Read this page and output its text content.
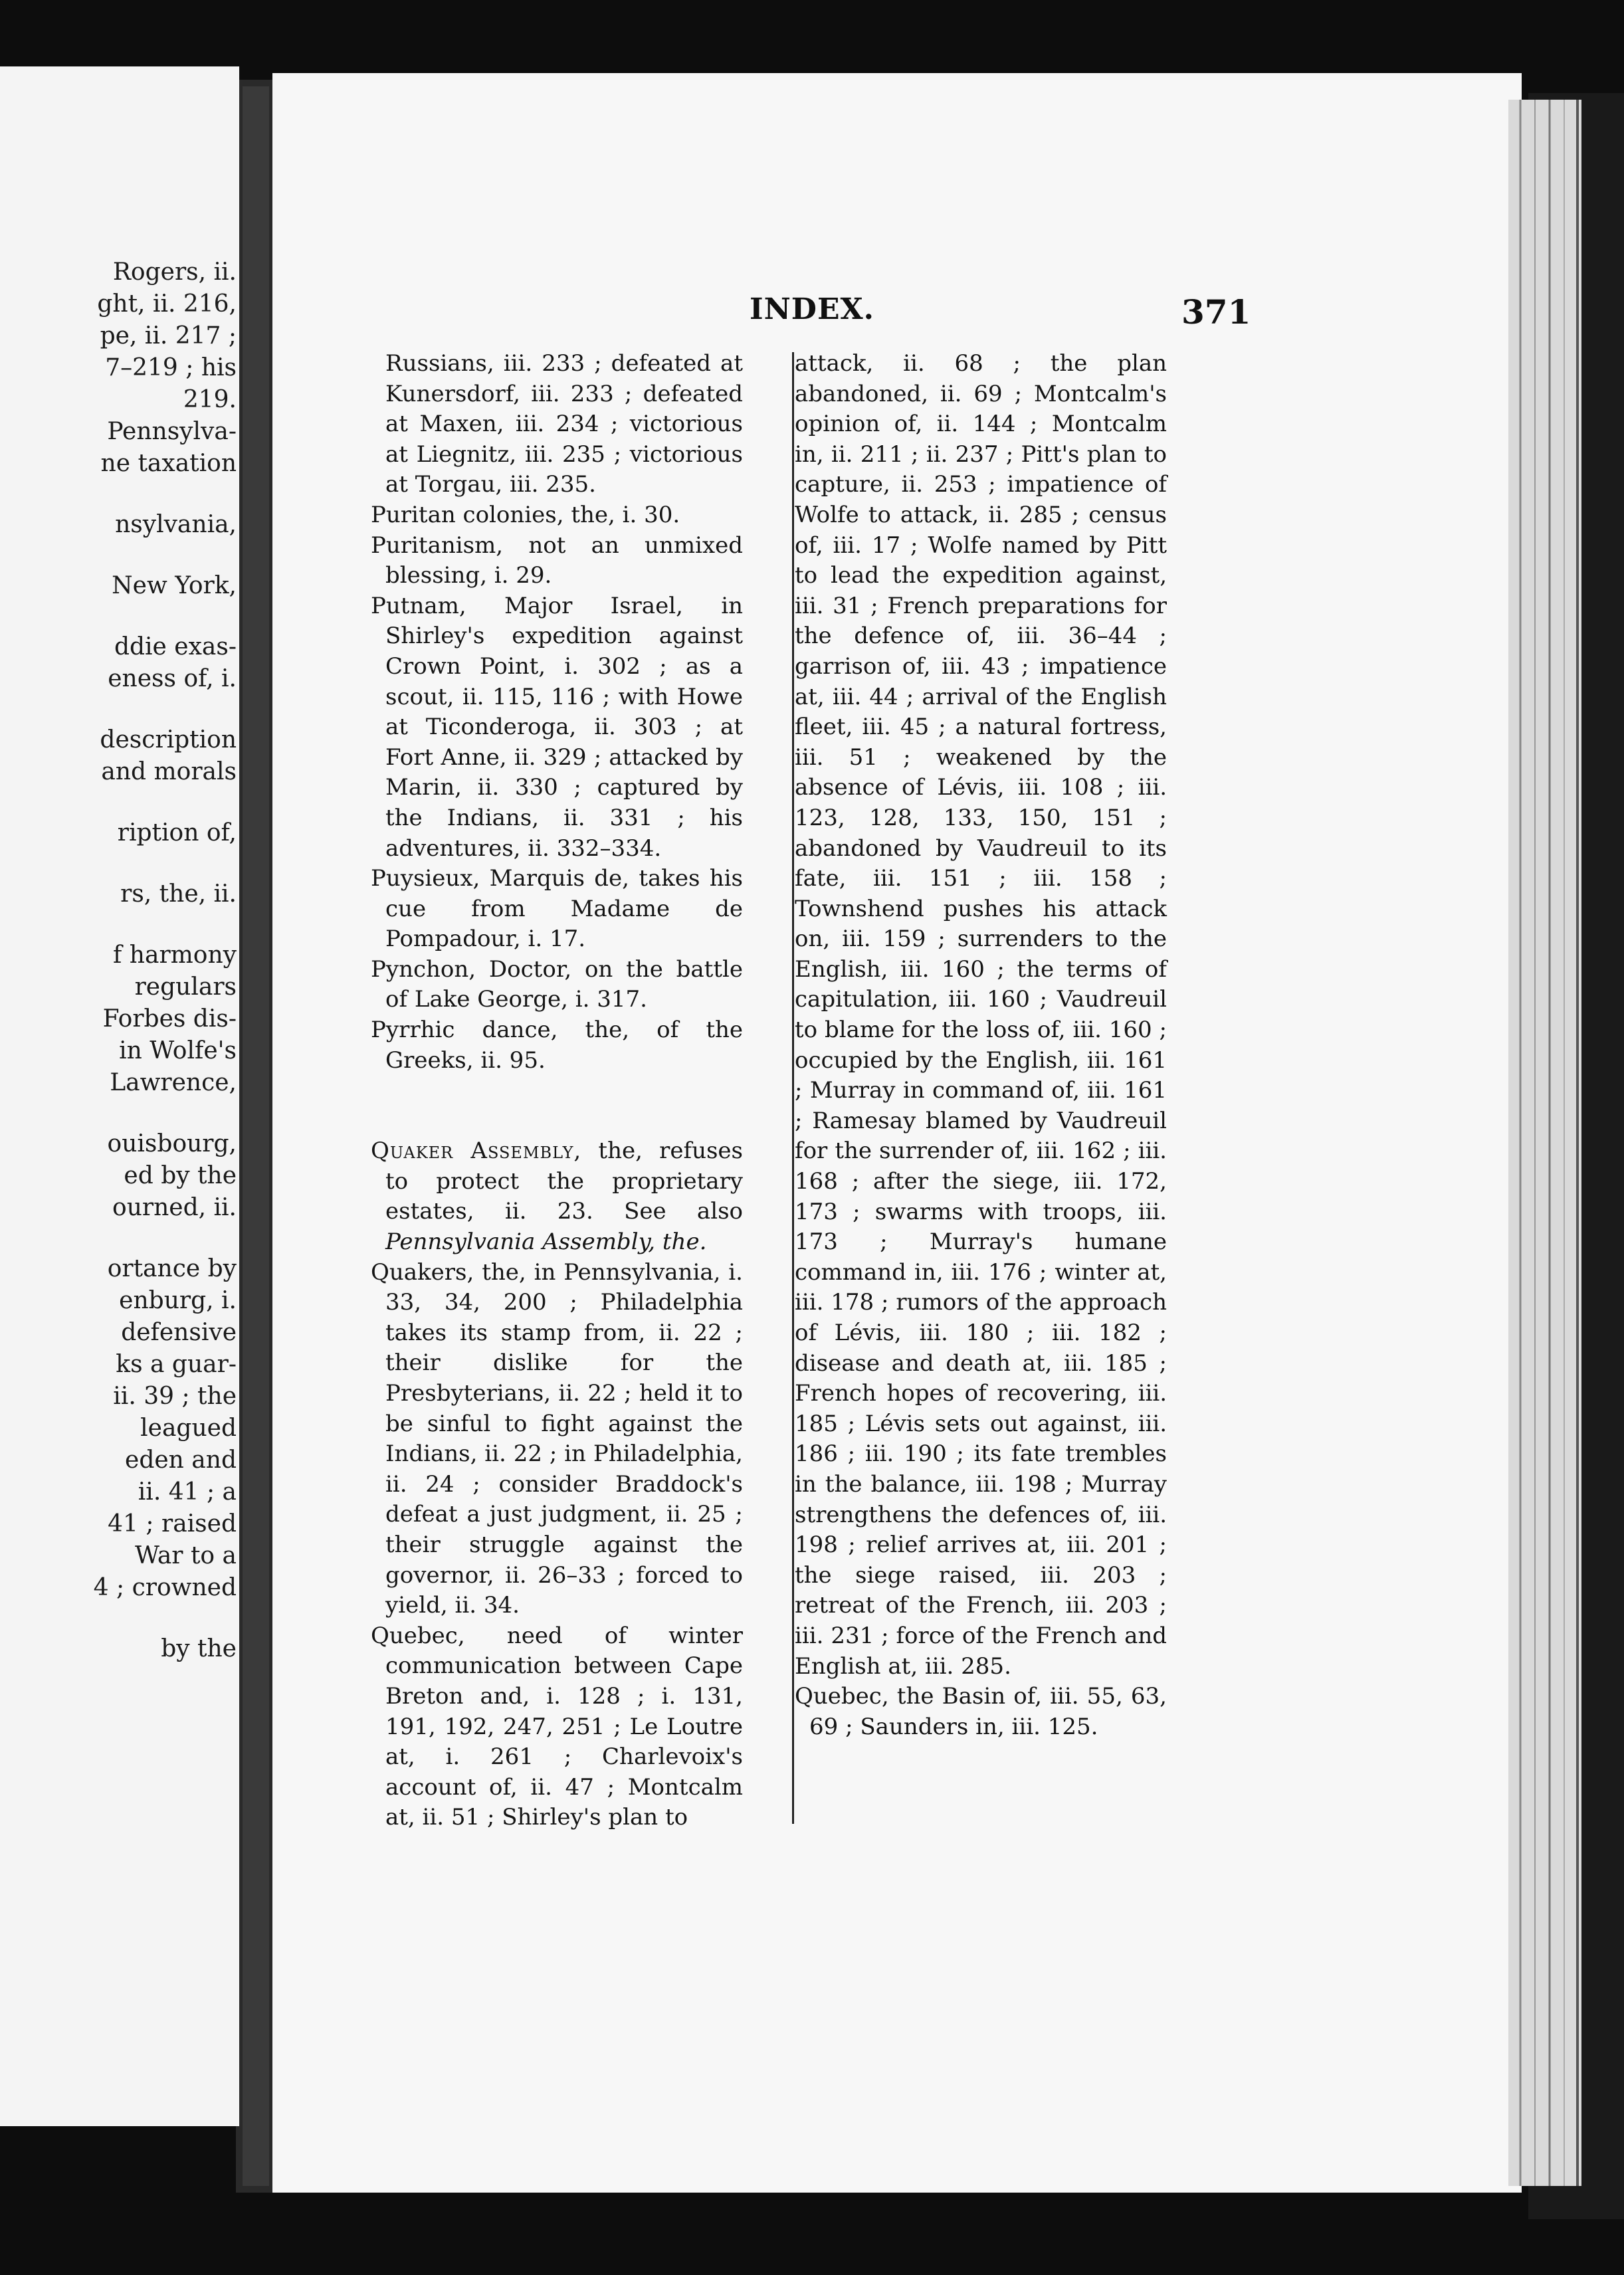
Rogers, ii.
ght, ii. 216,
pe, ii. 217 ;
7–219 ; his
219.
Pennsylva-
ne taxation
nsylvania,
New York,
ddie exas-
eness of, i.
description
and morals
ription of,
rs, the, ii.
f harmony
regulars
Forbes dis-
in Wolfe's
Lawrence,
ouisbourg,
ed by the
ourned, ii.
ortance by
enburg, i.
defensive
ks a guar-
ii. 39 ; the
leagued
eden and
ii. 41 ; a
41 ; raised
War to a
4 ; crowned
by the
INDEX.	371

Russians, iii. 233 ; defeated at Kunersdorf, iii. 233 ; defeated at Maxen, iii. 234 ; victorious at Liegnitz, iii. 235 ; victorious at Torgau, iii. 235.

Puritan colonies, the, i. 30.

Puritanism, not an unmixed blessing, i. 29.

Putnam, Major Israel, in Shirley's expedition against Crown Point, i. 302 ; as a scout, ii. 115, 116 ; with Howe at Ticonderoga, ii. 303 ; at Fort Anne, ii. 329 ; attacked by Marin, ii. 330 ; captured by the Indians, ii. 331 ; his adventures, ii. 332–334.

Puysieux, Marquis de, takes his cue from Madame de Pompadour, i. 17.

Pynchon, Doctor, on the battle of Lake George, i. 317.

Pyrrhic dance, the, of the Greeks, ii. 95.

Quaker Assembly, the, refuses to protect the proprietary estates, ii. 23. See also Pennsylvania Assembly, the.

Quakers, the, in Pennsylvania, i. 33, 34, 200 ; Philadelphia takes its stamp from, ii. 22 ; their dislike for the Presbyterians, ii. 22 ; held it to be sinful to fight against the Indians, ii. 22 ; in Philadelphia, ii. 24 ; consider Braddock's defeat a just judgment, ii. 25 ; their struggle against the governor, ii. 26–33 ; forced to yield, ii. 34.

Quebec, need of winter communication between Cape Breton and, i. 128 ; i. 131, 191, 192, 247, 251 ; Le Loutre at, i. 261 ; Charlevoix's account of, ii. 47 ; Montcalm at, ii. 51 ; Shirley's plan to

attack, ii. 68 ; the plan abandoned, ii. 69 ; Montcalm's opinion of, ii. 144 ; Montcalm in, ii. 211 ; ii. 237 ; Pitt's plan to capture, ii. 253 ; impatience of Wolfe to attack, ii. 285 ; census of, iii. 17 ; Wolfe named by Pitt to lead the expedition against, iii. 31 ; French preparations for the defence of, iii. 36–44 ; garrison of, iii. 43 ; impatience at, iii. 44 ; arrival of the English fleet, iii. 45 ; a natural fortress, iii. 51 ; weakened by the absence of Lévis, iii. 108 ; iii. 123, 128, 133, 150, 151 ; abandoned by Vaudreuil to its fate, iii. 151 ; iii. 158 ; Townshend pushes his attack on, iii. 159 ; surrenders to the English, iii. 160 ; the terms of capitulation, iii. 160 ; Vaudreuil to blame for the loss of, iii. 160 ; occupied by the English, iii. 161 ; Murray in command of, iii. 161 ; Ramesay blamed by Vaudreuil for the surrender of, iii. 162 ; iii. 168 ; after the siege, iii. 172, 173 ; swarms with troops, iii. 173 ; Murray's humane command in, iii. 176 ; winter at, iii. 178 ; rumors of the approach of Lévis, iii. 180 ; iii. 182 ; disease and death at, iii. 185 ; French hopes of recovering, iii. 185 ; Lévis sets out against, iii. 186 ; iii. 190 ; its fate trembles in the balance, iii. 198 ; Murray strengthens the defences of, iii. 198 ; relief arrives at, iii. 201 ; the siege raised, iii. 203 ; retreat of the French, iii. 203 ; iii. 231 ; force of the French and English at, iii. 285.

Quebec, the Basin of, iii. 55, 63, 69 ; Saunders in, iii. 125.
